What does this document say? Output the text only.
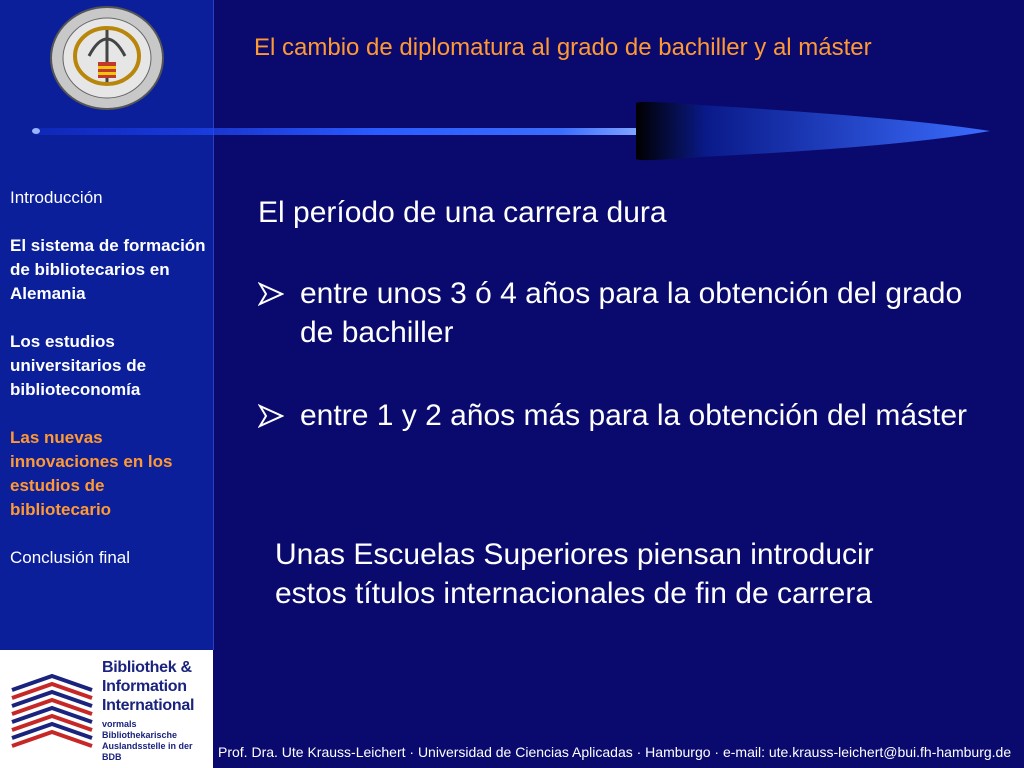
Introducción
El sistema de formación de bibliotecarios en Alemania
Los estudios universitarios de biblioteconomía
Las nuevas innovaciones en los estudios de bibliotecario
Conclusión final
Bibliothek &
Information
International
vormals Bibliothekarische
Auslandsstelle in der BDB
El cambio de diplomatura al grado de bachiller y al máster
El período de una carrera dura
entre unos 3 ó 4 años para la obtención del grado de bachiller
entre 1 y 2 años más para la obtención del máster
Unas Escuelas Superiores piensan introducir estos títulos internacionales de fin de carrera
Prof. Dra. Ute Krauss-Leichert · Universidad de Ciencias Aplicadas · Hamburgo · e-mail: ute.krauss-leichert@bui.fh-hamburg.de
